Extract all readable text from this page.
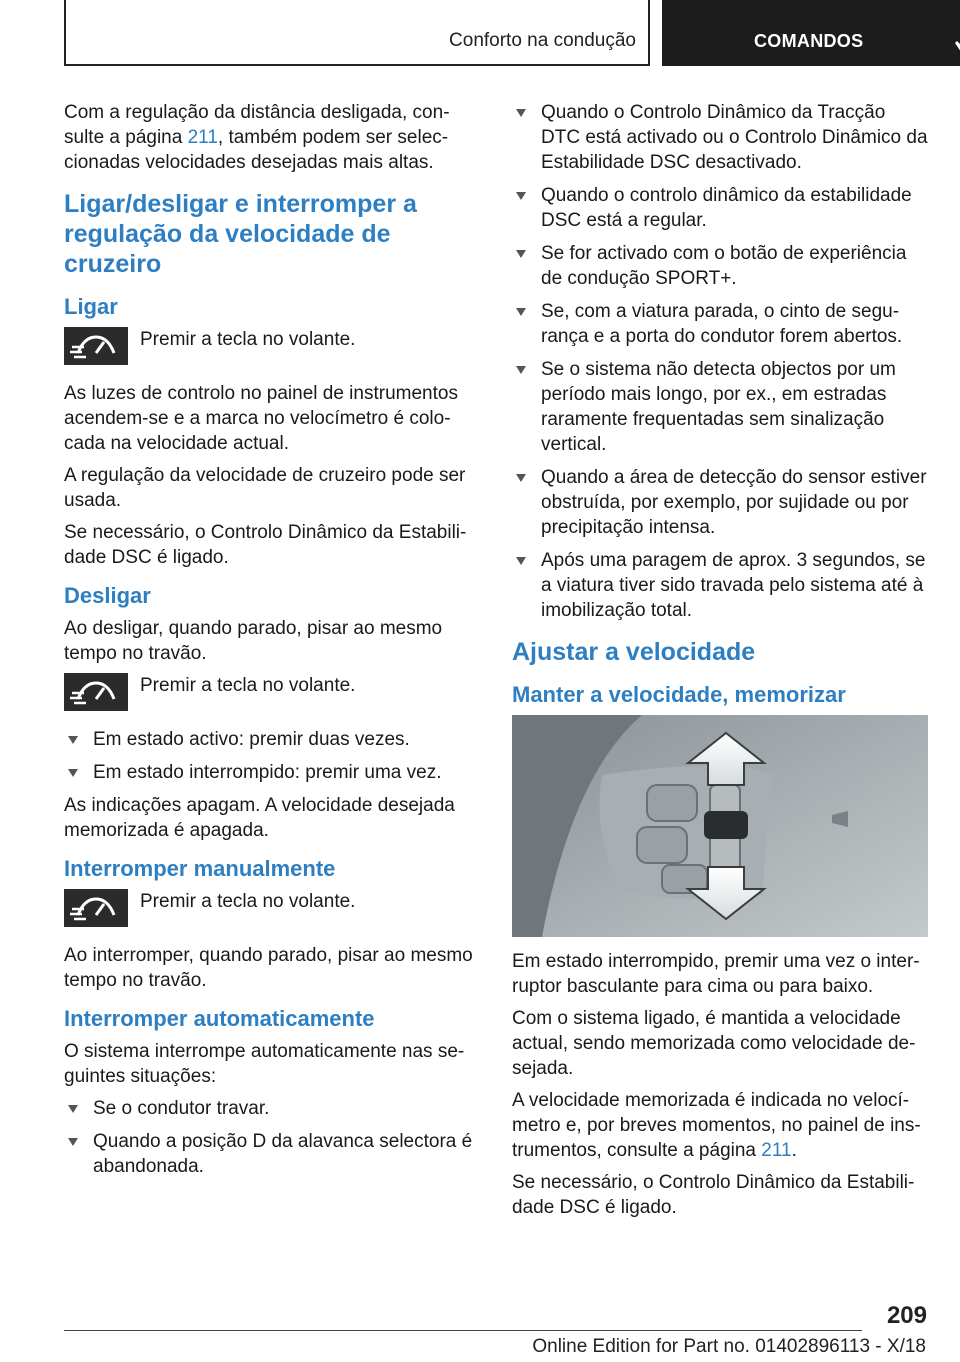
Conforto na condução	COMANDOS

Com a regulação da distância desligada, consulte a página 211, também podem ser seleccionadas velocidades desejadas mais altas.

Ligar/desligar e interromper a regulação da velocidade de cruzeiro
Ligar

Premir a tecla no volante.

As luzes de controlo no painel de instrumentos acendem-se e a marca no velocímetro é colocada na velocidade actual.

A regulação da velocidade de cruzeiro pode ser usada.

Se necessário, o Controlo Dinâmico da Estabilidade DSC é ligado.

Desligar

Ao desligar, quando parado, pisar ao mesmo tempo no travão.

Premir a tecla no volante.

Em estado activo: premir duas vezes.
Em estado interrompido: premir uma vez.

As indicações apagam. A velocidade desejada memorizada é apagada.

Interromper manualmente

Premir a tecla no volante.

Ao interromper, quando parado, pisar ao mesmo tempo no travão.

Interromper automaticamente

O sistema interrompe automaticamente nas seguintes situações:

Se o condutor travar.
Quando a posição D da alavanca selectora é abandonada.
Quando o Controlo Dinâmico da Tracção DTC está activado ou o Controlo Dinâmico da Estabilidade DSC desactivado.
Quando o controlo dinâmico da estabilidade DSC está a regular.
Se for activado com o botão de experiência de condução SPORT+.
Se, com a viatura parada, o cinto de segurança e a porta do condutor forem abertos.
Se o sistema não detecta objectos por um período mais longo, por ex., em estradas raramente frequentadas sem sinalização vertical.
Quando a área de detecção do sensor estiver obstruída, por exemplo, por sujidade ou por precipitação intensa.
Após uma paragem de aprox. 3 segundos, se a viatura tiver sido travada pelo sistema até à imobilização total.
Ajustar a velocidade
Manter a velocidade, memorizar

Em estado interrompido, premir uma vez o interruptor basculante para cima ou para baixo.

Com o sistema ligado, é mantida a velocidade actual, sendo memorizada como velocidade desejada.

A velocidade memorizada é indicada no velocímetro e, por breves momentos, no painel de instrumentos, consulte a página 211.

Se necessário, o Controlo Dinâmico da Estabilidade DSC é ligado.

209
Online Edition for Part no. 01402896113 - X/18
